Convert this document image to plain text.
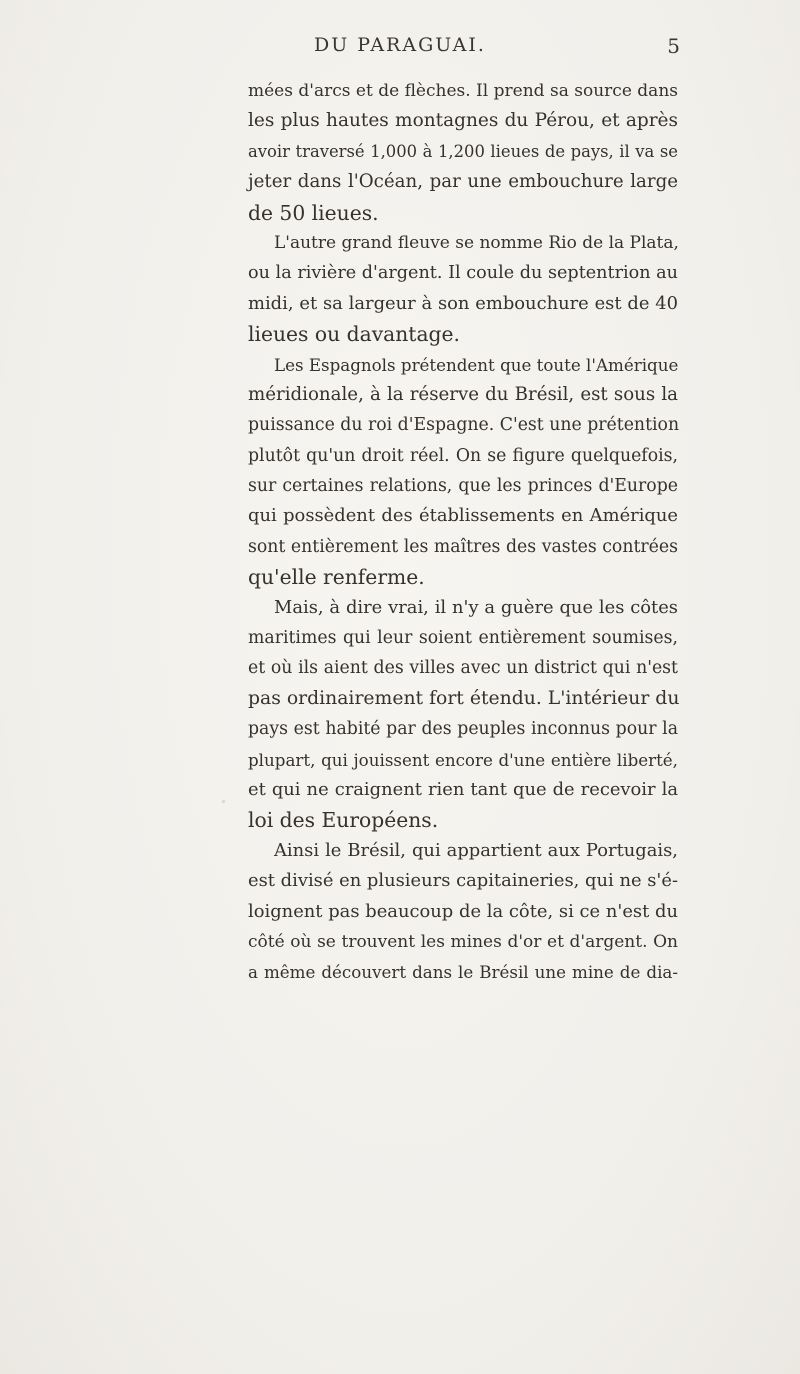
DU PARAGUAI.	5
mées d'arcs et de flèches. Il prend sa source dans
les plus hautes montagnes du Pérou, et après
avoir traversé 1,000 à 1,200 lieues de pays, il va se
jeter dans l'Océan, par une embouchure large
de 50 lieues.
L'autre grand fleuve se nomme Rio de la Plata,
ou la rivière d'argent. Il coule du septentrion au
midi, et sa largeur à son embouchure est de 40
lieues ou davantage.
Les Espagnols prétendent que toute l'Amérique
méridionale, à la réserve du Brésil, est sous la
puissance du roi d'Espagne. C'est une prétention
plutôt qu'un droit réel. On se figure quelquefois,
sur certaines relations, que les princes d'Europe
qui possèdent des établissements en Amérique
sont entièrement les maîtres des vastes contrées
qu'elle renferme.
Mais, à dire vrai, il n'y a guère que les côtes
maritimes qui leur soient entièrement soumises,
et où ils aient des villes avec un district qui n'est
pas ordinairement fort étendu. L'intérieur du
pays est habité par des peuples inconnus pour la
plupart, qui jouissent encore d'une entière liberté,
et qui ne craignent rien tant que de recevoir la
loi des Européens.
Ainsi le Brésil, qui appartient aux Portugais,
est divisé en plusieurs capitaineries, qui ne s'é-
loignent pas beaucoup de la côte, si ce n'est du
côté où se trouvent les mines d'or et d'argent. On
a même découvert dans le Brésil une mine de dia-
